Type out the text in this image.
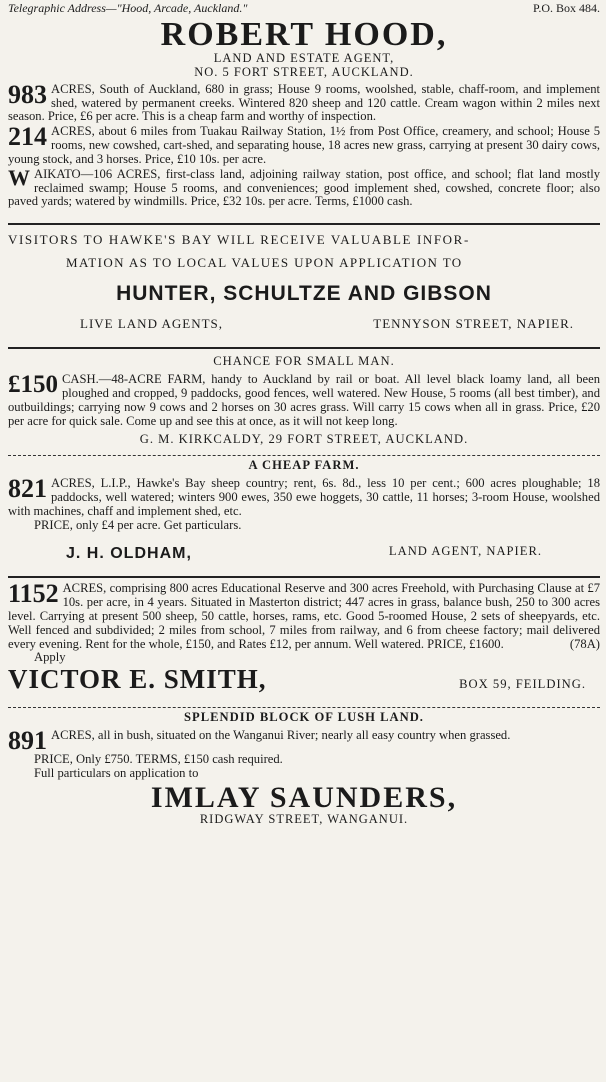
Telegraphic Address—"Hood, Arcade, Auckland."	P.O. Box 484.
ROBERT HOOD,
LAND AND ESTATE AGENT,
NO. 5 FORT STREET, AUCKLAND.
983 ACRES, South of Auckland, 680 in grass; House 9 rooms, woolshed, stable, chaff-room, and implement shed, watered by permanent creeks. Wintered 820 sheep and 120 cattle. Cream wagon within 2 miles next season. Price, £6 per acre. This is a cheap farm and worthy of inspection.
214 ACRES, about 6 miles from Tuakau Railway Station, 1½ from Post Office, creamery, and school; House 5 rooms, new cowshed, cart-shed, and separating house, 18 acres new grass, carrying at present 30 dairy cows, young stock, and 3 horses. Price, £10 10s. per acre.
W AIKATO—106 ACRES, first-class land, adjoining railway station, post office, and school; flat land mostly reclaimed swamp; House 5 rooms, and conveniences; good implement shed, cowshed, concrete floor; also paved yards; watered by windmills. Price, £32 10s. per acre. Terms, £1000 cash.
VISITORS TO HAWKE'S BAY WILL RECEIVE VALUABLE INFOR-
MATION AS TO LOCAL VALUES UPON APPLICATION TO
HUNTER, SCHULTZE AND GIBSON
LIVE LAND AGENTS,	TENNYSON STREET, NAPIER.
CHANCE FOR SMALL MAN.
£150 CASH.—48-ACRE FARM, handy to Auckland by rail or boat. All level black loamy land, all been ploughed and cropped, 9 paddocks, good fences, well watered. New House, 5 rooms (all best timber), and outbuildings; carrying now 9 cows and 2 horses on 30 acres grass. Will carry 15 cows when all in grass. Price, £20 per acre for quick sale. Come up and see this at once, as it will not keep long.
G. M. KIRKCALDY, 29 FORT STREET, AUCKLAND.
A CHEAP FARM.
821 ACRES, L.I.P., Hawke's Bay sheep country; rent, 6s. 8d., less 10 per cent.; 600 acres ploughable; 18 paddocks, well watered; winters 900 ewes, 350 ewe hoggets, 30 cattle, 11 horses; 3-room House, woolshed with machines, chaff and implement shed, etc.
PRICE, only £4 per acre. Get particulars.
J. H. OLDHAM,	LAND AGENT, NAPIER.
1152 ACRES, comprising 800 acres Educational Reserve and 300 acres Freehold, with Purchasing Clause at £7 10s. per acre, in 4 years. Situated in Masterton district; 447 acres in grass, balance bush, 250 to 300 acres level. Carrying at present 500 sheep, 50 cattle, horses, rams, etc. Good 5-roomed House, 2 sets of sheepyards, etc. Well fenced and subdivided; 2 miles from school, 7 miles from railway, and 6 from cheese factory; mail delivered every evening. Rent for the whole, £150, and Rates £12, per annum. Well watered. PRICE, £1600.	(78A)
Apply
VICTOR E. SMITH,	BOX 59, FEILDING.
SPLENDID BLOCK OF LUSH LAND.
891 ACRES, all in bush, situated on the Wanganui River; nearly all easy country when grassed.
PRICE, Only £750. TERMS, £150 cash required.
Full particulars on application to
IMLAY SAUNDERS,
RIDGWAY STREET, WANGANUI.
